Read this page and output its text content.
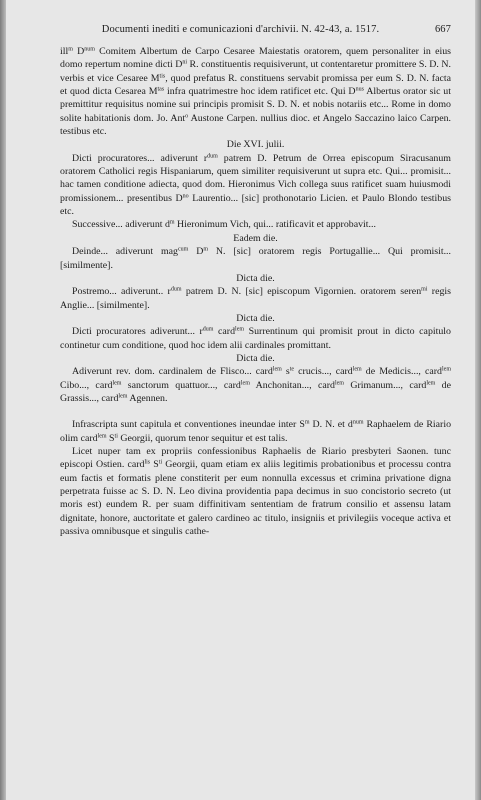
Documenti inediti e comunicazioni d'archivii. N. 42-43, a. 1517.	667

ill$^m$ $D^{num}$ Comitem Albertum de Carpo Cesaree Maiestatis oratorem, quem personaliter in eius domo repertum nomine dicti $D^{ni}$ R. constituentis requisiverunt, ut contentaretur promittere S. D. N. verbis et vice Cesaree $M^{tis}$, quod prefatus R. constituens servabit promissa per eum S. D. N. facta et quod dicta Cesarea $M^{tas}$ infra quatrimestre hoc idem ratificet etc. Qui $D^{nus}$ Albertus orator sic ut premittitur requisitus nomine sui principis promisit S. D. N. et nobis notariis etc... Rome in domo solite habitationis dom. Jo. Ant$^o$ Austone Carpen. nullius dioc. et Angelo Saccazino laico Carpen. testibus etc.

Die XVI. julii.

Dicti procuratores... adiverunt $r^{dum}$ patrem D. Petrum de Orrea episcopum Siracusanum oratorem Catholici regis Hispaniarum, quem similiter requisiverunt ut supra etc. Qui... promisit... hac tamen conditione adiecta, quod dom. Hieronimus Vich collega suus ratificet suam huiusmodi promissionem... presentibus $D^{no}$ Laurentio... [sic] prothonotario Licien. et Paulo Blondo testibus etc.

Successive... adiverunt $d^m$ Hieronimum Vich, qui... ratificavit et approbavit...

Eadem die.

Deinde... adiverunt mag$^{cum}$ $D^m$ N. [sic] oratorem regis Portugallie... Qui promisit... [similmente].

Dicta die.

Postremo... adiverunt.. $r^{dum}$ patrem D. N. [sic] episcopum Vigornien. oratorem seren$^{mi}$ regis Anglie... [similmente].

Dicta die.

Dicti procuratores adiverunt... $r^{dum}$ card$^{lem}$ Surrentinum qui promisit prout in dicto capitulo continetur cum conditione, quod hoc idem alii cardinales promittant.

Dicta die.

Adiverunt rev. dom. cardinalem de Flisco... card$^{lem}$ $s^{te}$ crucis..., card$^{lem}$ de Medicis..., card$^{lem}$ Cibo..., card$^{lem}$ sanctorum quattuor..., card$^{lem}$ Anchonitan..., card$^{lem}$ Grimanum..., card$^{lem}$ de Grassis..., card$^{lem}$ Agennen.

Infrascripta sunt capitula et conventiones ineundae inter $S^m$ D. N. et $d^{num}$ Raphaelem de Riario olim card$^{lem}$ $S^{ti}$ Georgii, quorum tenor sequitur et est talis.

Licet nuper tam ex propriis confessionibus Raphaelis de Riario presbyteri Saonen. tunc episcopi Ostien. card$^{lis}$ $S^{ti}$ Georgii, quam etiam ex aliis legitimis probationibus et processu contra eum factis et formatis plene constiterit per eum nonnulla excessus et crimina privatione digna perpetrata fuisse ac S. D. N. Leo divina providentia papa decimus in suo concistorio secreto (ut moris est) eundem R. per suam diffinitivam sententiam de fratrum consilio et assensu latam dignitate, honore, auctoritate et galero cardineo ac titulo, insigniis et privilegiis voceque activa et passiva omnibusque et singulis cathe-
